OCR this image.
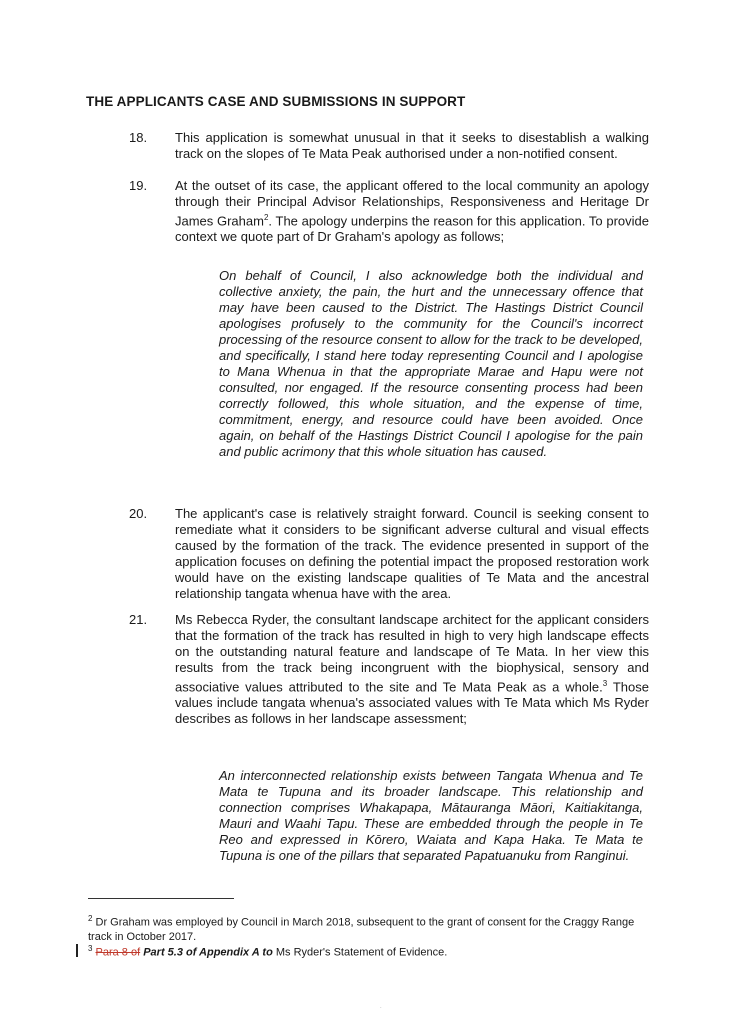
THE APPLICANTS CASE AND SUBMISSIONS IN SUPPORT
18. This application is somewhat unusual in that it seeks to disestablish a walking track on the slopes of Te Mata Peak authorised under a non-notified consent.
19. At the outset of its case, the applicant offered to the local community an apology through their Principal Advisor Relationships, Responsiveness and Heritage Dr James Graham$^2$. The apology underpins the reason for this application. To provide context we quote part of Dr Graham's apology as follows;
On behalf of Council, I also acknowledge both the individual and collective anxiety, the pain, the hurt and the unnecessary offence that may have been caused to the District. The Hastings District Council apologises profusely to the community for the Council's incorrect processing of the resource consent to allow for the track to be developed, and specifically, I stand here today representing Council and I apologise to Mana Whenua in that the appropriate Marae and Hapu were not consulted, nor engaged. If the resource consenting process had been correctly followed, this whole situation, and the expense of time, commitment, energy, and resource could have been avoided. Once again, on behalf of the Hastings District Council I apologise for the pain and public acrimony that this whole situation has caused.
20. The applicant's case is relatively straight forward. Council is seeking consent to remediate what it considers to be significant adverse cultural and visual effects caused by the formation of the track. The evidence presented in support of the application focuses on defining the potential impact the proposed restoration work would have on the existing landscape qualities of Te Mata and the ancestral relationship tangata whenua have with the area.
21. Ms Rebecca Ryder, the consultant landscape architect for the applicant considers that the formation of the track has resulted in high to very high landscape effects on the outstanding natural feature and landscape of Te Mata. In her view this results from the track being incongruent with the biophysical, sensory and associative values attributed to the site and Te Mata Peak as a whole.$^3$ Those values include tangata whenua's associated values with Te Mata which Ms Ryder describes as follows in her landscape assessment;
An interconnected relationship exists between Tangata Whenua and Te Mata te Tupuna and its broader landscape. This relationship and connection comprises Whakapapa, Mātauranga Māori, Kaitiakitanga, Mauri and Waahi Tapu. These are embedded through the people in Te Reo and expressed in Kōrero, Waiata and Kapa Haka. Te Mata te Tupuna is one of the pillars that separated Papatuanuku from Ranginui.
$^2$ Dr Graham was employed by Council in March 2018, subsequent to the grant of consent for the Craggy Range track in October 2017.
$^3$ Para 8 of Part 5.3 of Appendix A to Ms Ryder's Statement of Evidence.
.
